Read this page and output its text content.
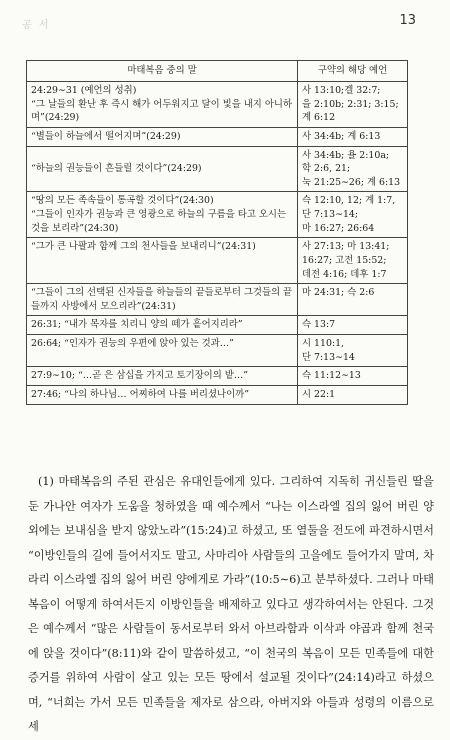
공 서	13
마태복음 중의 말	구약의 해당 예언

24:29∼31 (예언의 성취)
“그 날들의 환난 후 즉시 해가 어두워지고 달이 빛을 내지 아니하며”(24:29)	사 13:10;겔 32:7;
을 2:10b; 2:31; 3:15;
계 6:12

“별들이 하늘에서 떨어지며”(24:29)	사 34:4b; 계 6:13

“하늘의 권능들이 흔들릴 것이다”(24:29)	사 34:4b; 욜 2:10a;
학 2:6, 21;
눅 21:25∼26; 계 6:13

“땅의 모든 족속들이 통곡할 것이다”(24:30)
“그들이 인자가 권능과 큰 영광으로 하늘의 구름을 타고 오시는 것을 보리라”(24:30)	슥 12:10, 12; 계 1:7,
단 7:13∼14;
마 16:27; 26:64

“그가 큰 나팔과 함께 그의 천사들을 보내리니”(24:31)	사 27:13; 마 13:41;
16:27; 고전 15:52;
데전 4:16; 데후 1:7

“그들이 그의 선택된 신자들을 하늘들의 끝들로부터 그것들의 끝들까지 사방에서 모으리라”(24:31)	마 24:31; 슥 2:6

26:31; “내가 목자를 치리니 양의 떼가 흩어지리라”	슥 13:7

26:64; “인자가 권능의 우편에 앉아 있는 것과…”	시 110:1,
단 7:13∼14

27:9∼10; “…곧 은 삼십을 가지고 토기장이의 밭…”	슥 11:12∼13

27:46; “나의 하나님… 어찌하여 나를 버리셨나이까”	시 22:1

(1) 마태복음의 주된 관심은 유대인들에게 있다. 그리하여 지독히 귀신들린 딸을 둔 가나안 여자가 도움을 청하였을 때 예수께서 “나는 이스라엘 집의 잃어 버린 양 외에는 보내심을 받지 않았노라”(15:24)고 하셨고, 또 열둘을 전도에 파견하시면서 “이방인들의 길에 들어서지도 말고, 사마리아 사람들의 고을에도 들어가지 말며, 차라리 이스라엘 집의 잃어 버린 양에게로 가라”(10:5∼6)고 분부하셨다. 그러나 마태복음이 어떻게 하여서든지 이방인들을 배제하고 있다고 생각하여서는 안된다. 그것은 예수께서 “많은 사람들이 동서로부터 와서 아브라함과 이삭과 야곱과 함께 천국에 앉을 것이다”(8:11)와 같이 말씀하셨고, “이 천국의 복음이 모든 민족들에 대한 증거를 위하여 사람이 살고 있는 모든 땅에서 설교될 것이다”(24:14)라고 하셨으며, “너희는 가서 모든 민족들을 제자로 삼으라, 아버지와 아들과 성령의 이름으로 세
